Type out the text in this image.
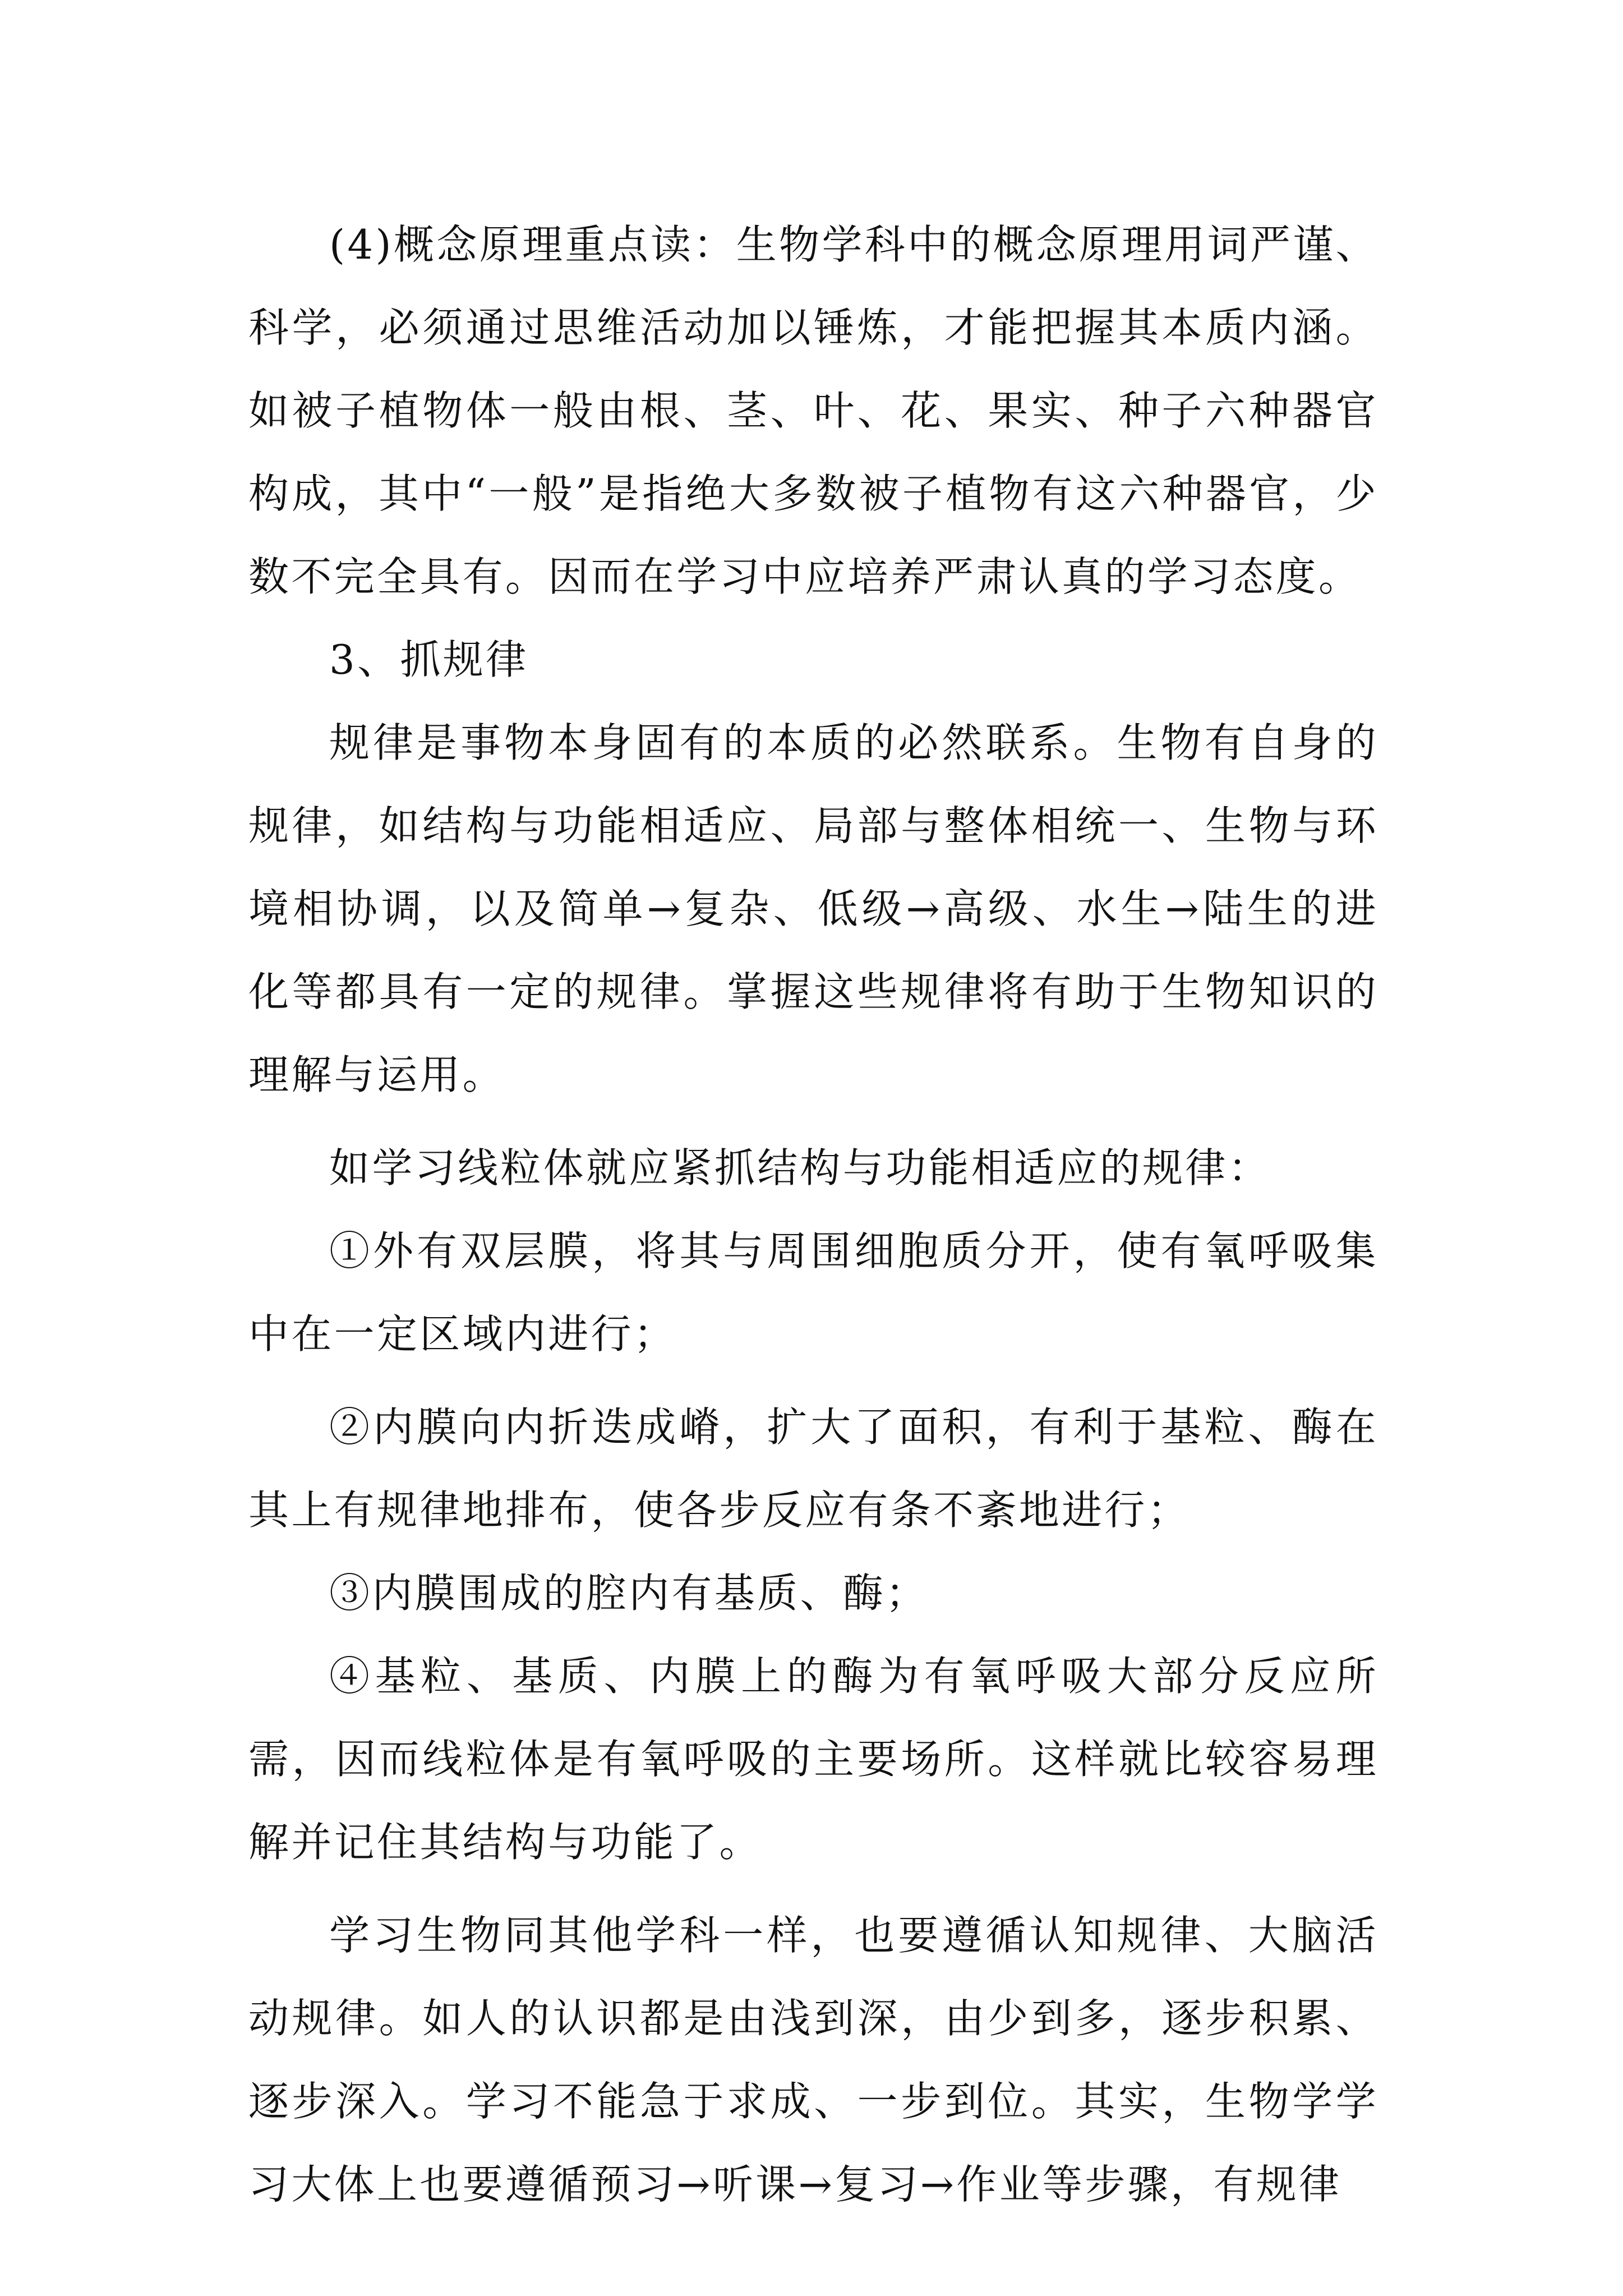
(4)概念原理重点读：生物学科中的概念原理用词严谨、科学，必须通过思维活动加以锤炼，才能把握其本质内涵。如被子植物体一般由根、茎、叶、花、果实、种子六种器官构成，其中“一般”是指绝大多数被子植物有这六种器官，少数不完全具有。因而在学习中应培养严肃认真的学习态度。

3、抓规律

规律是事物本身固有的本质的必然联系。生物有自身的规律，如结构与功能相适应、局部与整体相统一、生物与环境相协调，以及简单→复杂、低级→高级、水生→陆生的进化等都具有一定的规律。掌握这些规律将有助于生物知识的理解与运用。

如学习线粒体就应紧抓结构与功能相适应的规律：

①外有双层膜，将其与周围细胞质分开，使有氧呼吸集中在一定区域内进行；

②内膜向内折迭成嵴，扩大了面积，有利于基粒、酶在其上有规律地排布，使各步反应有条不紊地进行；

③内膜围成的腔内有基质、酶；

④基粒、基质、内膜上的酶为有氧呼吸大部分反应所需，因而线粒体是有氧呼吸的主要场所。这样就比较容易理解并记住其结构与功能了。

学习生物同其他学科一样，也要遵循认知规律、大脑活动规律。如人的认识都是由浅到深，由少到多，逐步积累、逐步深入。学习不能急于求成、一步到位。其实，生物学学习大体上也要遵循预习→听课→复习→作业等步骤，有规律
